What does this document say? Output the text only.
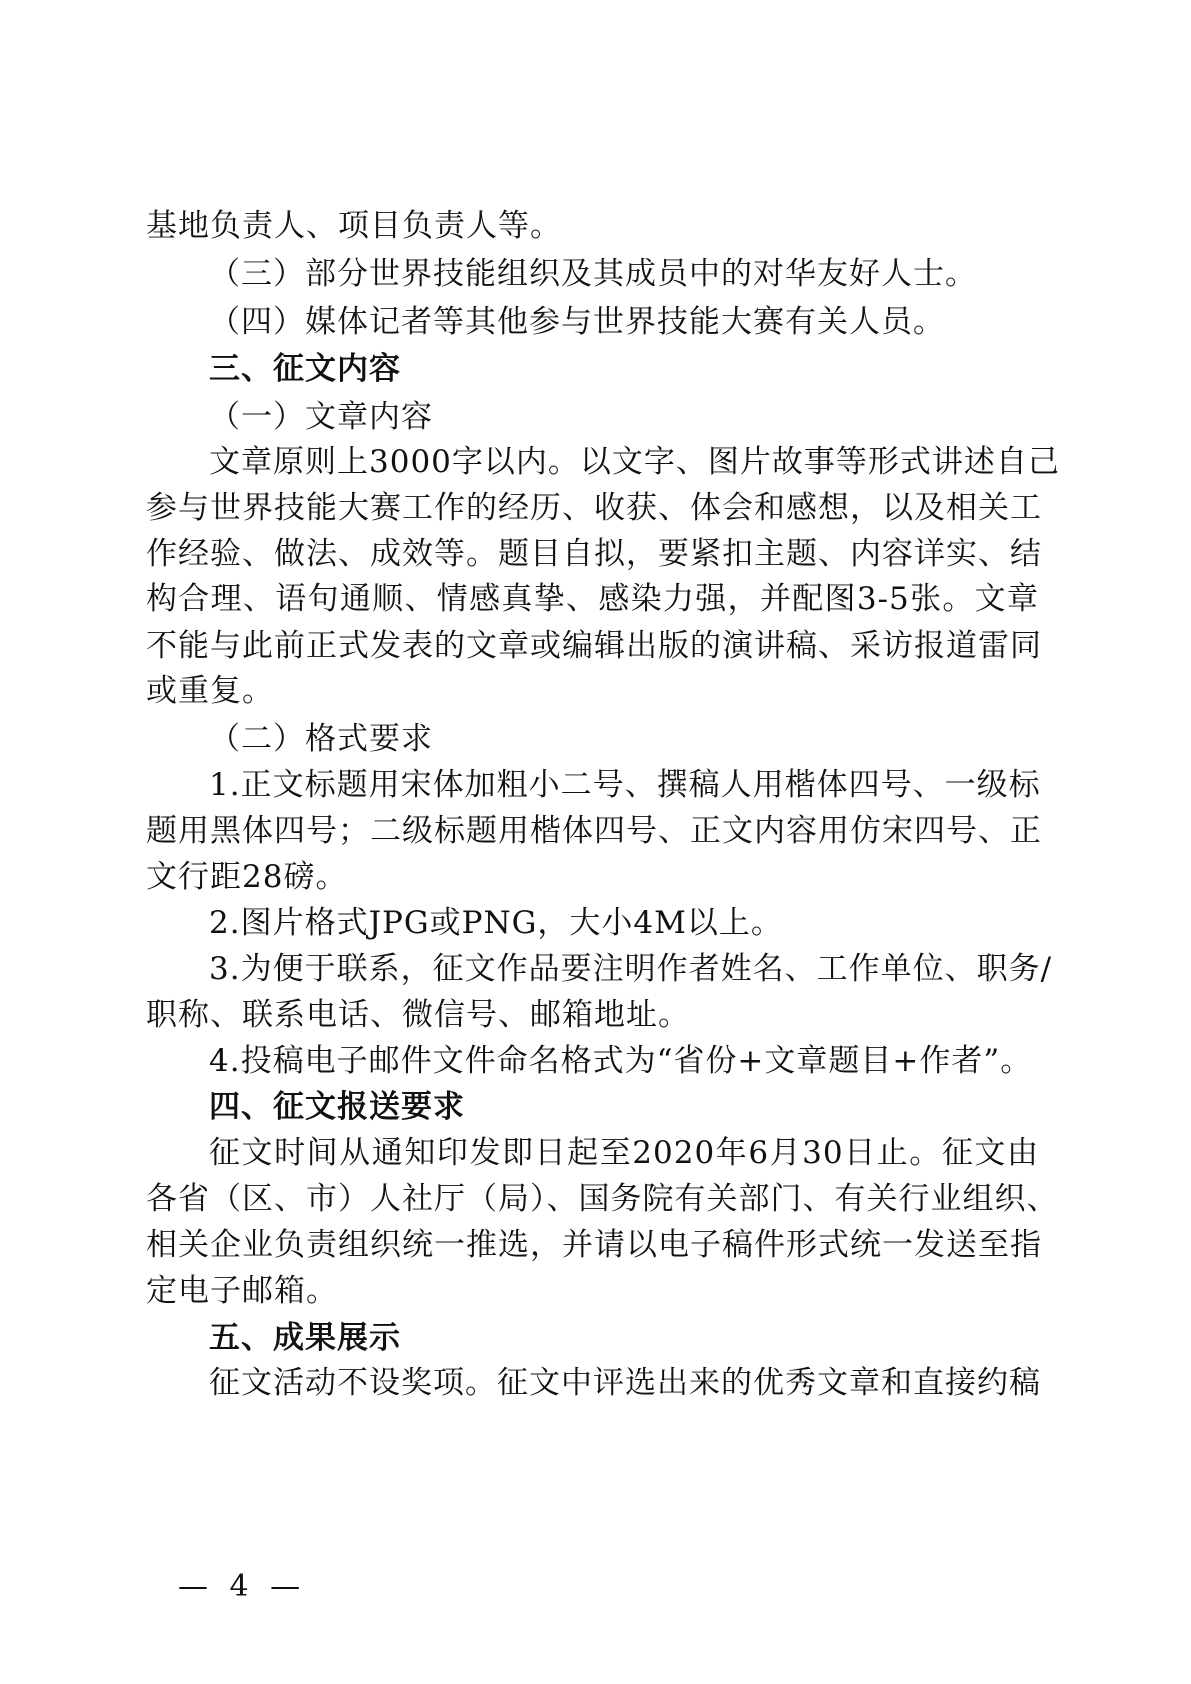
基地负责人、项目负责人等。
（三）部分世界技能组织及其成员中的对华友好人士。
（四）媒体记者等其他参与世界技能大赛有关人员。
三、征文内容
（一）文章内容
文章原则上3000字以内。以文字、图片故事等形式讲述自己
参与世界技能大赛工作的经历、收获、体会和感想，以及相关工
作经验、做法、成效等。题目自拟，要紧扣主题、内容详实、结
构合理、语句通顺、情感真挚、感染力强，并配图3-5张。文章
不能与此前正式发表的文章或编辑出版的演讲稿、采访报道雷同
或重复。
（二）格式要求
1.正文标题用宋体加粗小二号、撰稿人用楷体四号、一级标
题用黑体四号；二级标题用楷体四号、正文内容用仿宋四号、正
文行距28磅。
2.图片格式JPG或PNG，大小4M以上。
3.为便于联系，征文作品要注明作者姓名、工作单位、职务/
职称、联系电话、微信号、邮箱地址。
4.投稿电子邮件文件命名格式为“省份+文章题目+作者”。
四、征文报送要求
征文时间从通知印发即日起至2020年6月30日止。征文由
各省（区、市）人社厅（局）、国务院有关部门、有关行业组织、
相关企业负责组织统一推选，并请以电子稿件形式统一发送至指
定电子邮箱。
五、成果展示
征文活动不设奖项。征文中评选出来的优秀文章和直接约稿
— 4 —
